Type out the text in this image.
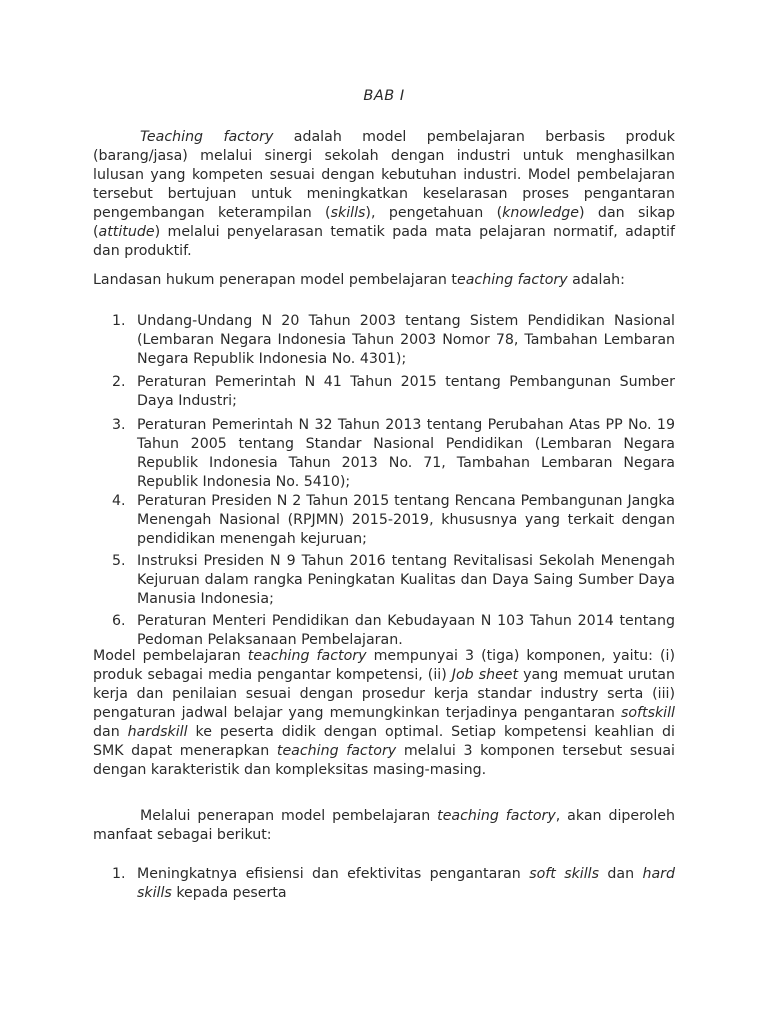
BAB I

Teaching factory adalah model pembelajaran berbasis produk (barang/jasa) melalui sinergi sekolah dengan industri untuk menghasilkan lulusan yang kompeten sesuai dengan kebutuhan industri. Model pembelajaran tersebut bertujuan untuk meningkatkan keselarasan proses pengantaran pengembangan keterampilan (skills), pengetahuan (knowledge) dan sikap (attitude) melalui penyelarasan tematik pada mata pelajaran normatif, adaptif dan produktif.

Landasan hukum penerapan model pembelajaran teaching factory adalah:

1. Undang-Undang N 20 Tahun 2003 tentang Sistem Pendidikan Nasional (Lembaran Negara Indonesia Tahun 2003 Nomor 78, Tambahan Lembaran Negara Republik Indonesia No. 4301);
2. Peraturan Pemerintah N 41 Tahun 2015 tentang Pembangunan Sumber Daya Industri;
3. Peraturan Pemerintah N 32 Tahun 2013 tentang Perubahan Atas PP No. 19 Tahun 2005 tentang Standar Nasional Pendidikan (Lembaran Negara Republik Indonesia Tahun 2013 No. 71, Tambahan Lembaran Negara Republik Indonesia No. 5410);
4. Peraturan Presiden N 2 Tahun 2015 tentang Rencana Pembangunan Jangka Menengah Nasional (RPJMN) 2015-2019, khususnya yang terkait dengan pendidikan menengah kejuruan;
5. Instruksi Presiden N 9 Tahun 2016 tentang Revitalisasi Sekolah Menengah Kejuruan dalam rangka Peningkatan Kualitas dan Daya Saing Sumber Daya Manusia Indonesia;
6. Peraturan Menteri Pendidikan dan Kebudayaan N 103 Tahun 2014 tentang Pedoman Pelaksanaan Pembelajaran.

Model pembelajaran teaching factory mempunyai 3 (tiga) komponen, yaitu: (i) produk sebagai media pengantar kompetensi, (ii) Job sheet yang memuat urutan kerja dan penilaian sesuai dengan prosedur kerja standar industry serta (iii) pengaturan jadwal belajar yang memungkinkan terjadinya pengantaran softskill dan hardskill ke peserta didik dengan optimal. Setiap kompetensi keahlian di SMK dapat menerapkan teaching factory melalui 3 komponen tersebut sesuai dengan karakteristik dan kompleksitas masing-masing.

Melalui penerapan model pembelajaran teaching factory, akan diperoleh manfaat sebagai berikut:

1. Meningkatnya efisiensi dan efektivitas pengantaran soft skills dan hard skills kepada peserta
